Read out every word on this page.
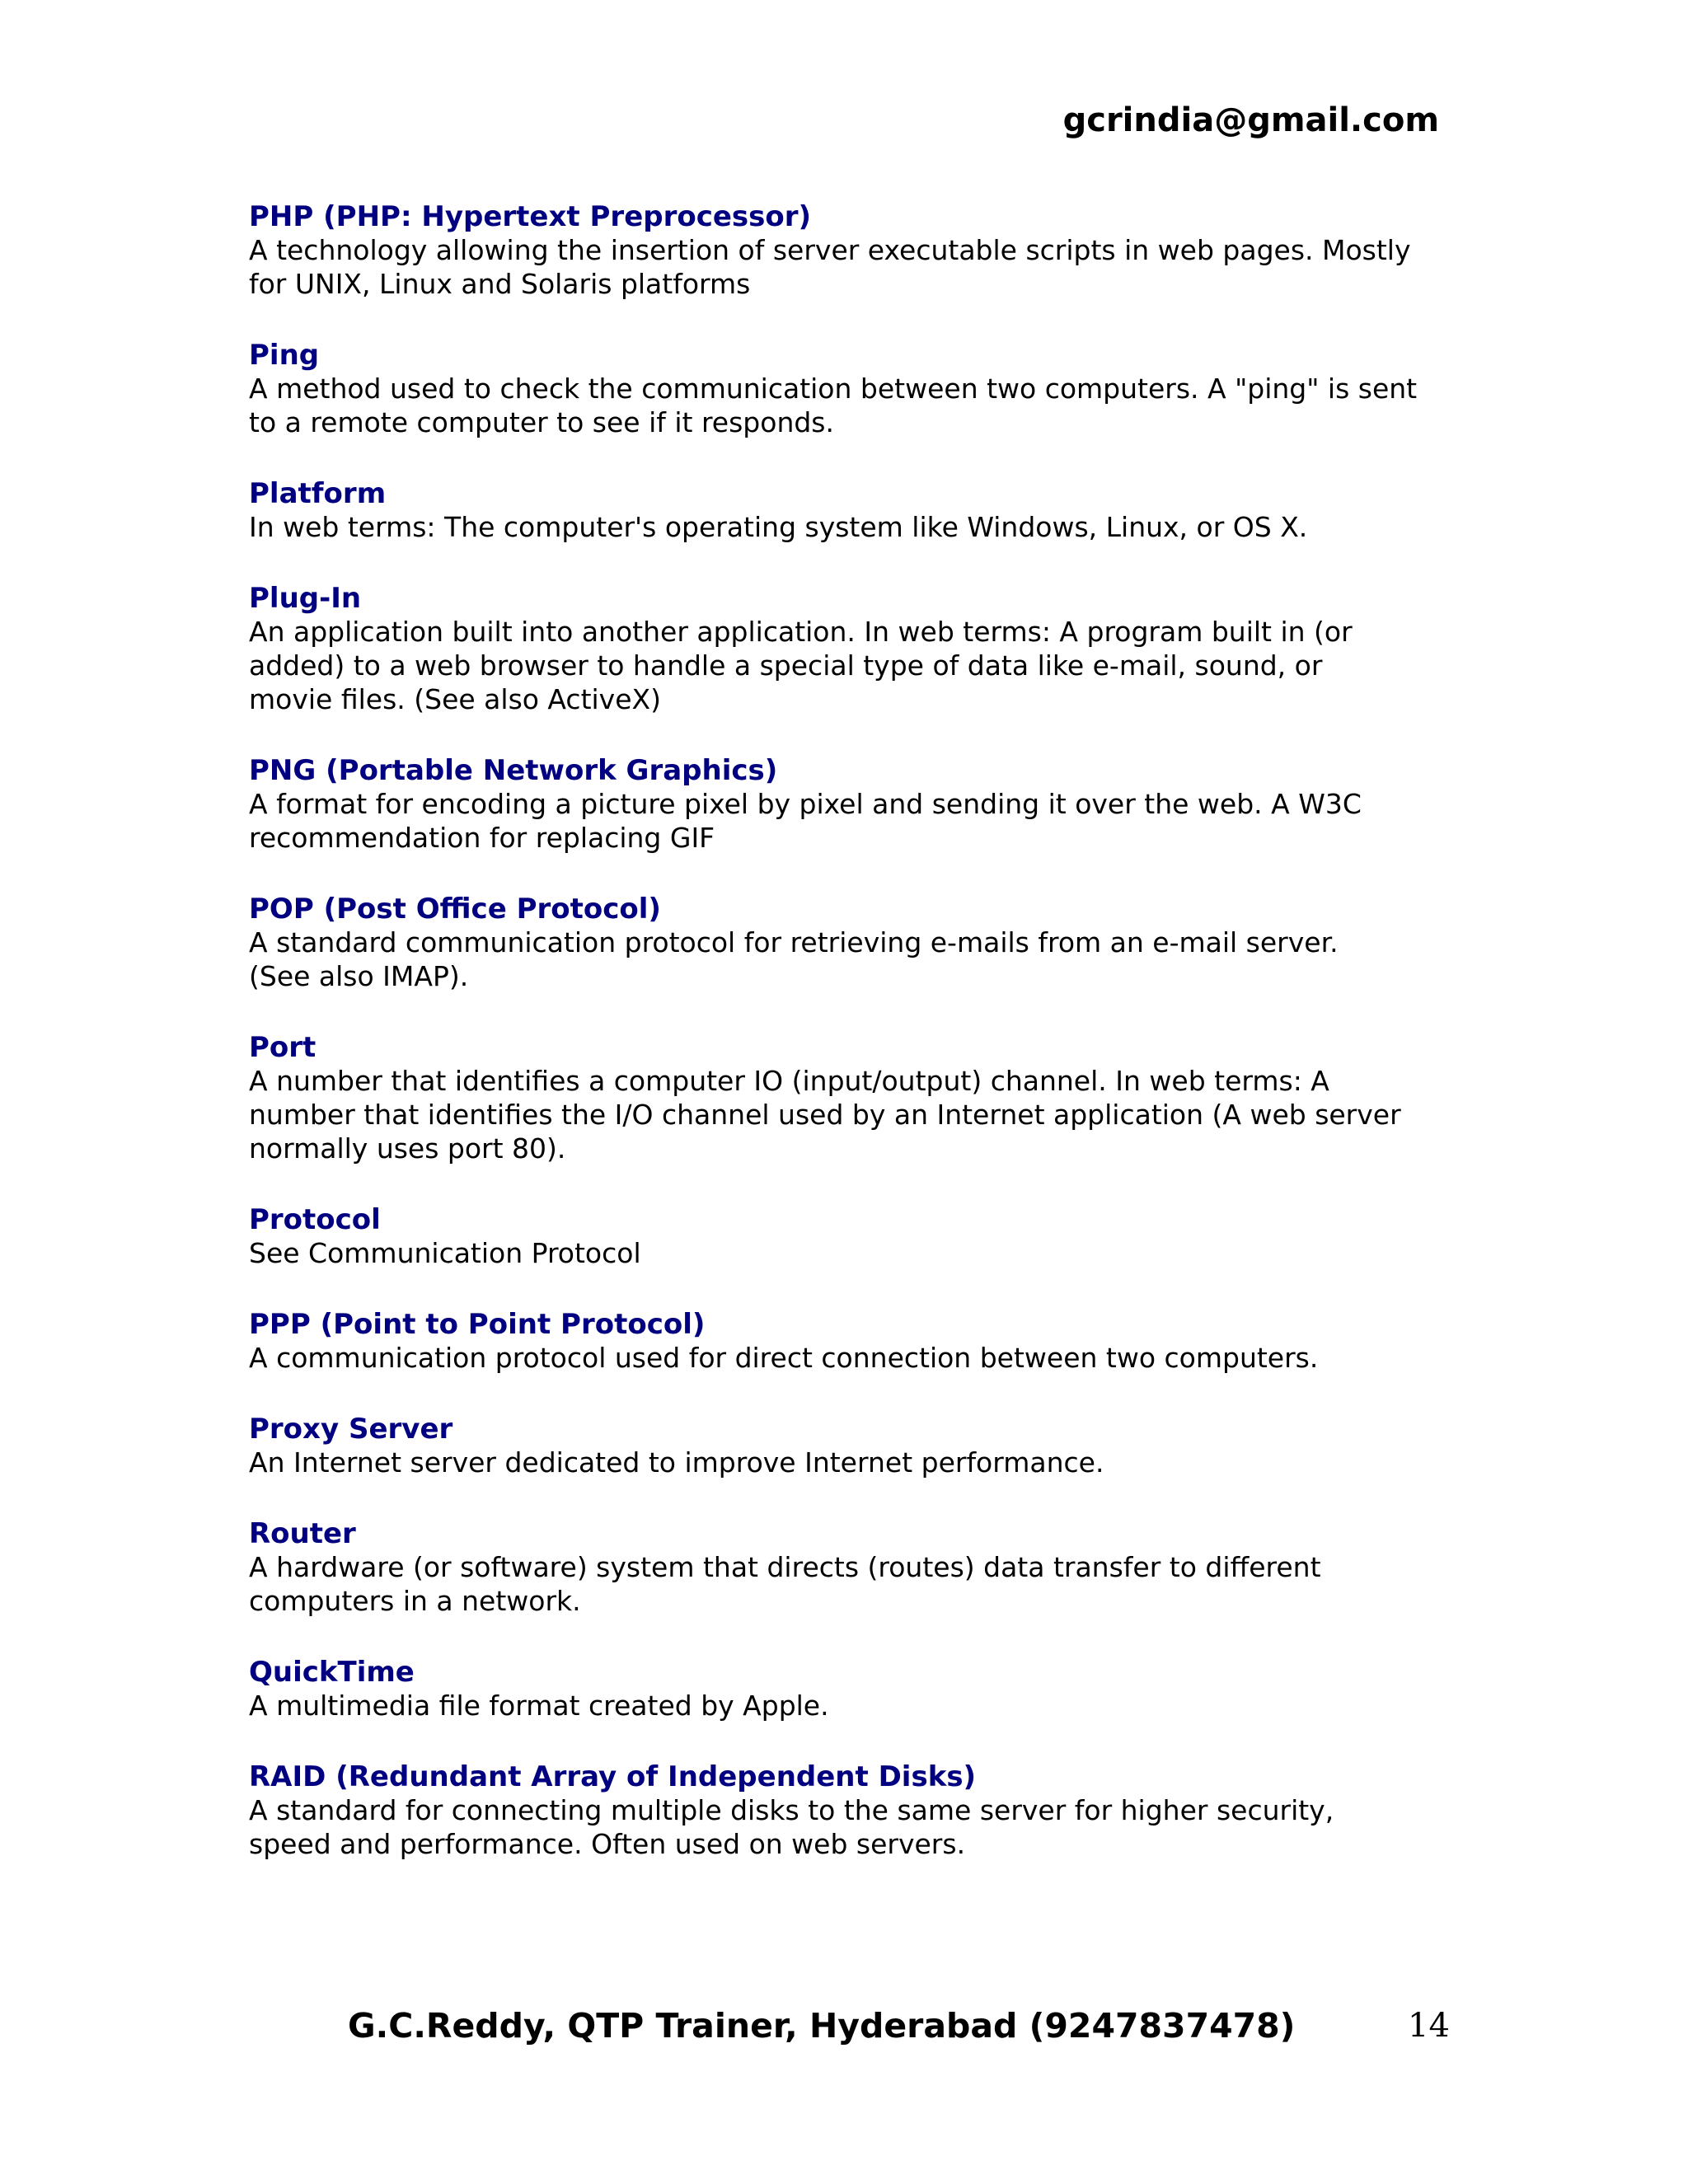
gcrindia@gmail.com
PHP (PHP: Hypertext Preprocessor)
A technology allowing the insertion of server executable scripts in web pages. Mostly
for UNIX, Linux and Solaris platforms
Ping
A method used to check the communication between two computers. A "ping" is sent
to a remote computer to see if it responds.
Platform
In web terms: The computer's operating system like Windows, Linux, or OS X.
Plug-In
An application built into another application. In web terms: A program built in (or
added) to a web browser to handle a special type of data like e-mail, sound, or
movie files. (See also ActiveX)
PNG (Portable Network Graphics)
A format for encoding a picture pixel by pixel and sending it over the web. A W3C
recommendation for replacing GIF
POP (Post Office Protocol)
A standard communication protocol for retrieving e-mails from an e-mail server.
(See also IMAP).
Port
A number that identifies a computer IO (input/output) channel. In web terms: A
number that identifies the I/O channel used by an Internet application (A web server
normally uses port 80).
Protocol
See Communication Protocol
PPP (Point to Point Protocol)
A communication protocol used for direct connection between two computers.
Proxy Server
An Internet server dedicated to improve Internet performance.
Router
A hardware (or software) system that directs (routes) data transfer to different
computers in a network.
QuickTime
A multimedia file format created by Apple.
RAID (Redundant Array of Independent Disks)
A standard for connecting multiple disks to the same server for higher security,
speed and performance. Often used on web servers.
G.C.Reddy, QTP Trainer, Hyderabad (9247837478)	14
